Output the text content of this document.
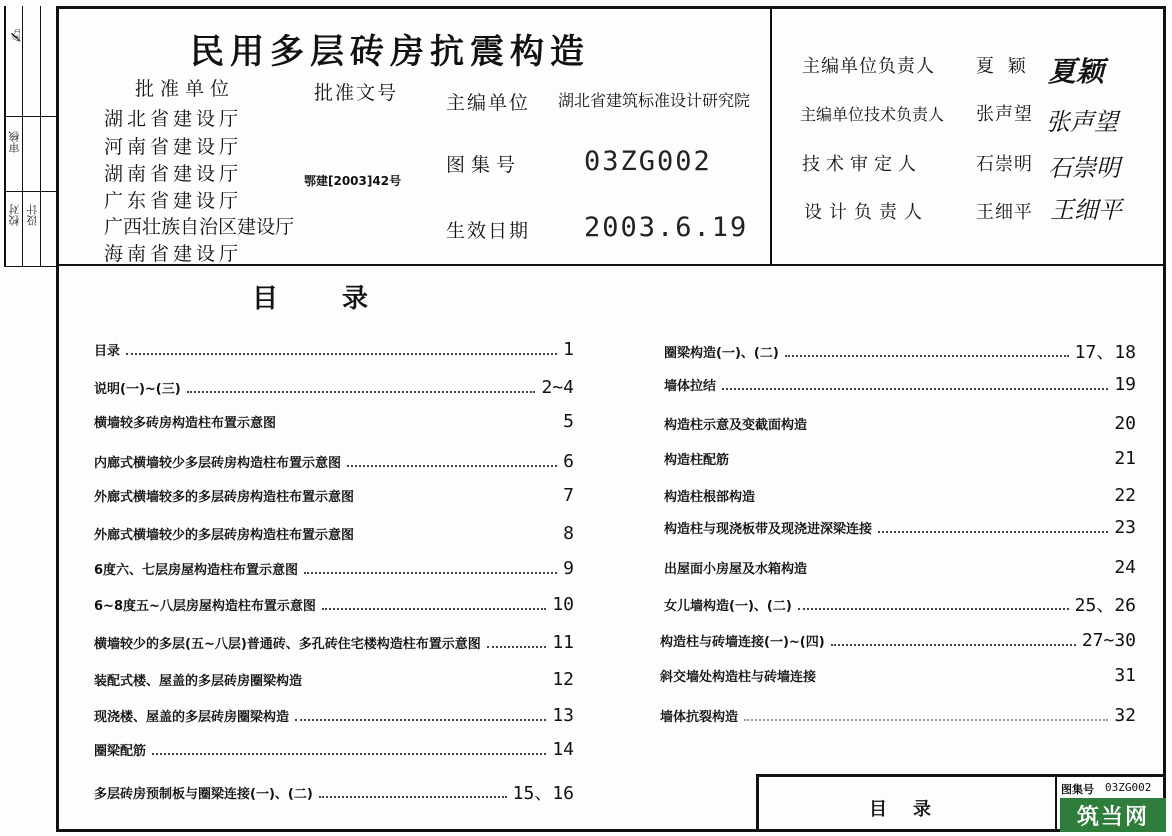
审核
校对 设计
✍	民用多层砖房抗震构造
批准单位	批准文号
湖北省建设厅
河南省建设厅
湖南省建设厅
广东省建设厅
广西壮族自治区建设厅
海南省建设厅
鄂建[2003]42号
主编单位 湖北省建筑标准设计研究院
图集号 03ZG002
生效日期 2003.6.19
主编单位负责人 夏 颖 夏颖
主编单位技术负责人 张声望 张声望
技术审定人	石崇明 石崇明
设计负责人	王细平 王细平
目　　录
目录	1
说明(一)~(三)	2~4
横墙较多砖房构造柱布置示意图	5
内廊式横墙较少多层砖房构造柱布置示意图	6
外廊式横墙较多的多层砖房构造柱布置示意图	7
外廊式横墙较少的多层砖房构造柱布置示意图	8
6度六、七层房屋构造柱布置示意图	9
6~8度五~八层房屋构造柱布置示意图	10
横墙较少的多层(五~八层)普通砖、多孔砖住宅楼构造柱布置示意图	11
装配式楼、屋盖的多层砖房圈梁构造	12
现浇楼、屋盖的多层砖房圈梁构造	13
圈梁配筋	14
多层砖房预制板与圈梁连接(一)、(二)	15、16
圈梁构造(一)、(二)	17、18
墙体拉结	19
构造柱示意及变截面构造	20
构造柱配筋	21
构造柱根部构造	22
构造柱与现浇板带及现浇进深梁连接	23
出屋面小房屋及水箱构造	24
女儿墙构造(一)、(二)	25、26
构造柱与砖墙连接(一)~(四)	27~30
斜交墙处构造柱与砖墙连接	31
墙体抗裂构造	32
目　录
图集号 03ZG002
筑当网
